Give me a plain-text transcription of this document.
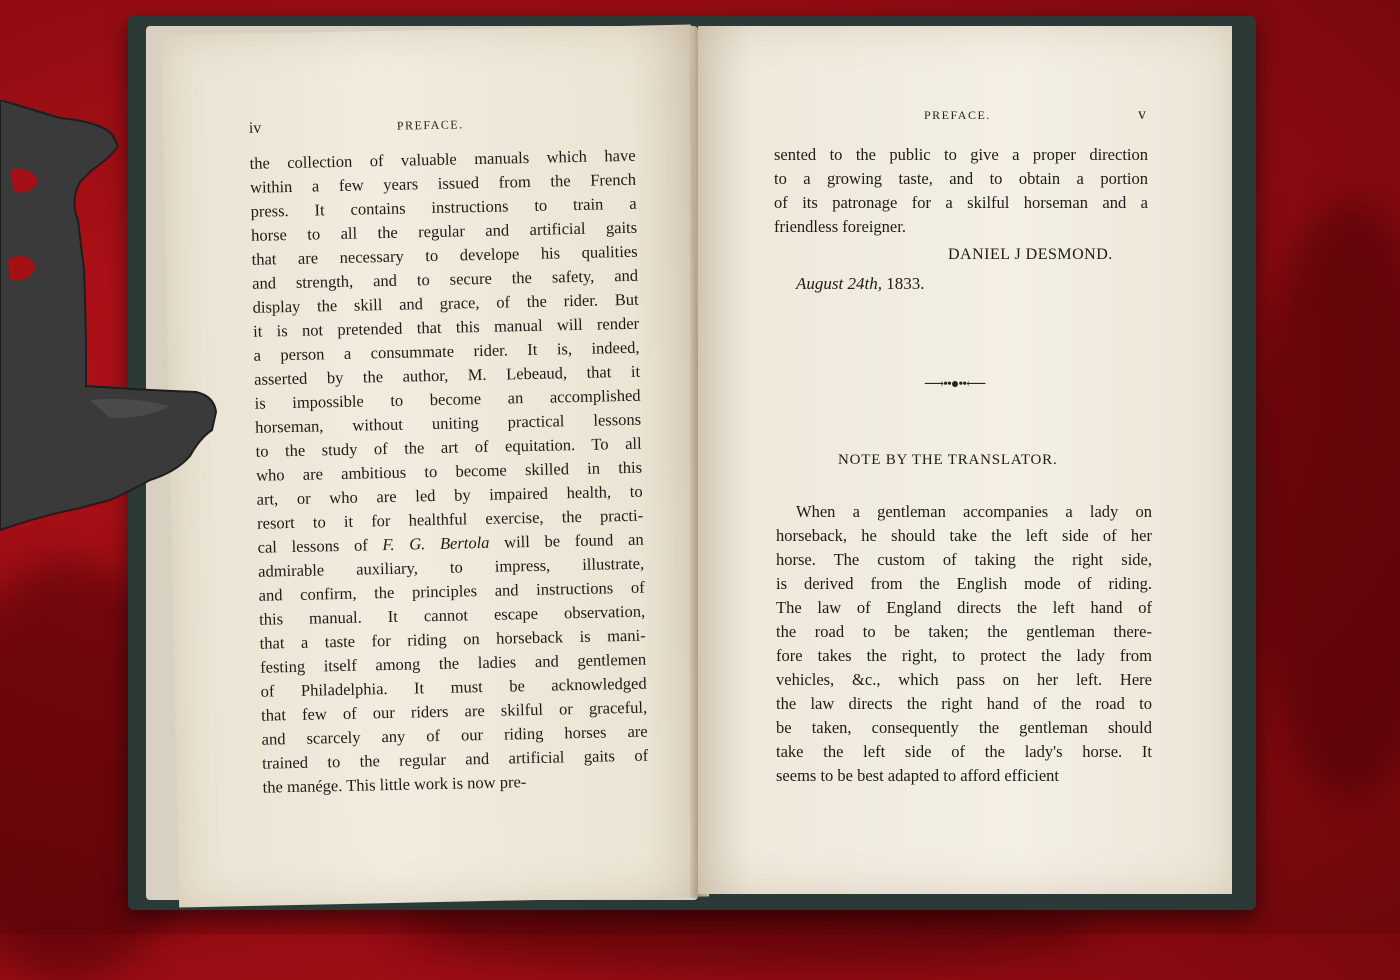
iv	PREFACE.
the collection of valuable manuals which have
within a few years issued from the French
press. It contains instructions to train a
horse to all the regular and artificial gaits
that are necessary to develope his qualities
and strength, and to secure the safety, and
display the skill and grace, of the rider. But
it is not pretended that this manual will render
a person a consummate rider. It is, indeed,
asserted by the author, M. Lebeaud, that it
is impossible to become an accomplished
horseman, without uniting practical lessons
to the study of the art of equitation. To all
who are ambitious to become skilled in this
art, or who are led by impaired health, to
resort to it for healthful exercise, the practi-
cal lessons of F. G. Bertola will be found an
admirable auxiliary, to impress, illustrate,
and confirm, the principles and instructions of
this manual. It cannot escape observation,
that a taste for riding on horseback is mani-
festing itself among the ladies and gentlemen
of Philadelphia. It must be acknowledged
that few of our riders are skilful or graceful,
and scarcely any of our riding horses are
trained to the regular and artificial gaits of
the manége. This little work is now pre-
PREFACE.	v
sented to the public to give a proper direction
to a growing taste, and to obtain a portion
of its patronage for a skilful horseman and a
friendless foreigner.
DANIEL J DESMOND.
August 24th, 1833.
⟶••●••⟵
NOTE BY THE TRANSLATOR.
When a gentleman accompanies a lady on
horseback, he should take the left side of her
horse. The custom of taking the right side,
is derived from the English mode of riding.
The law of England directs the left hand of
the road to be taken; the gentleman there-
fore takes the right, to protect the lady from
vehicles, &c., which pass on her left. Here
the law directs the right hand of the road to
be taken, consequently the gentleman should
take the left side of the lady's horse. It
seems to be best adapted to afford efficient
